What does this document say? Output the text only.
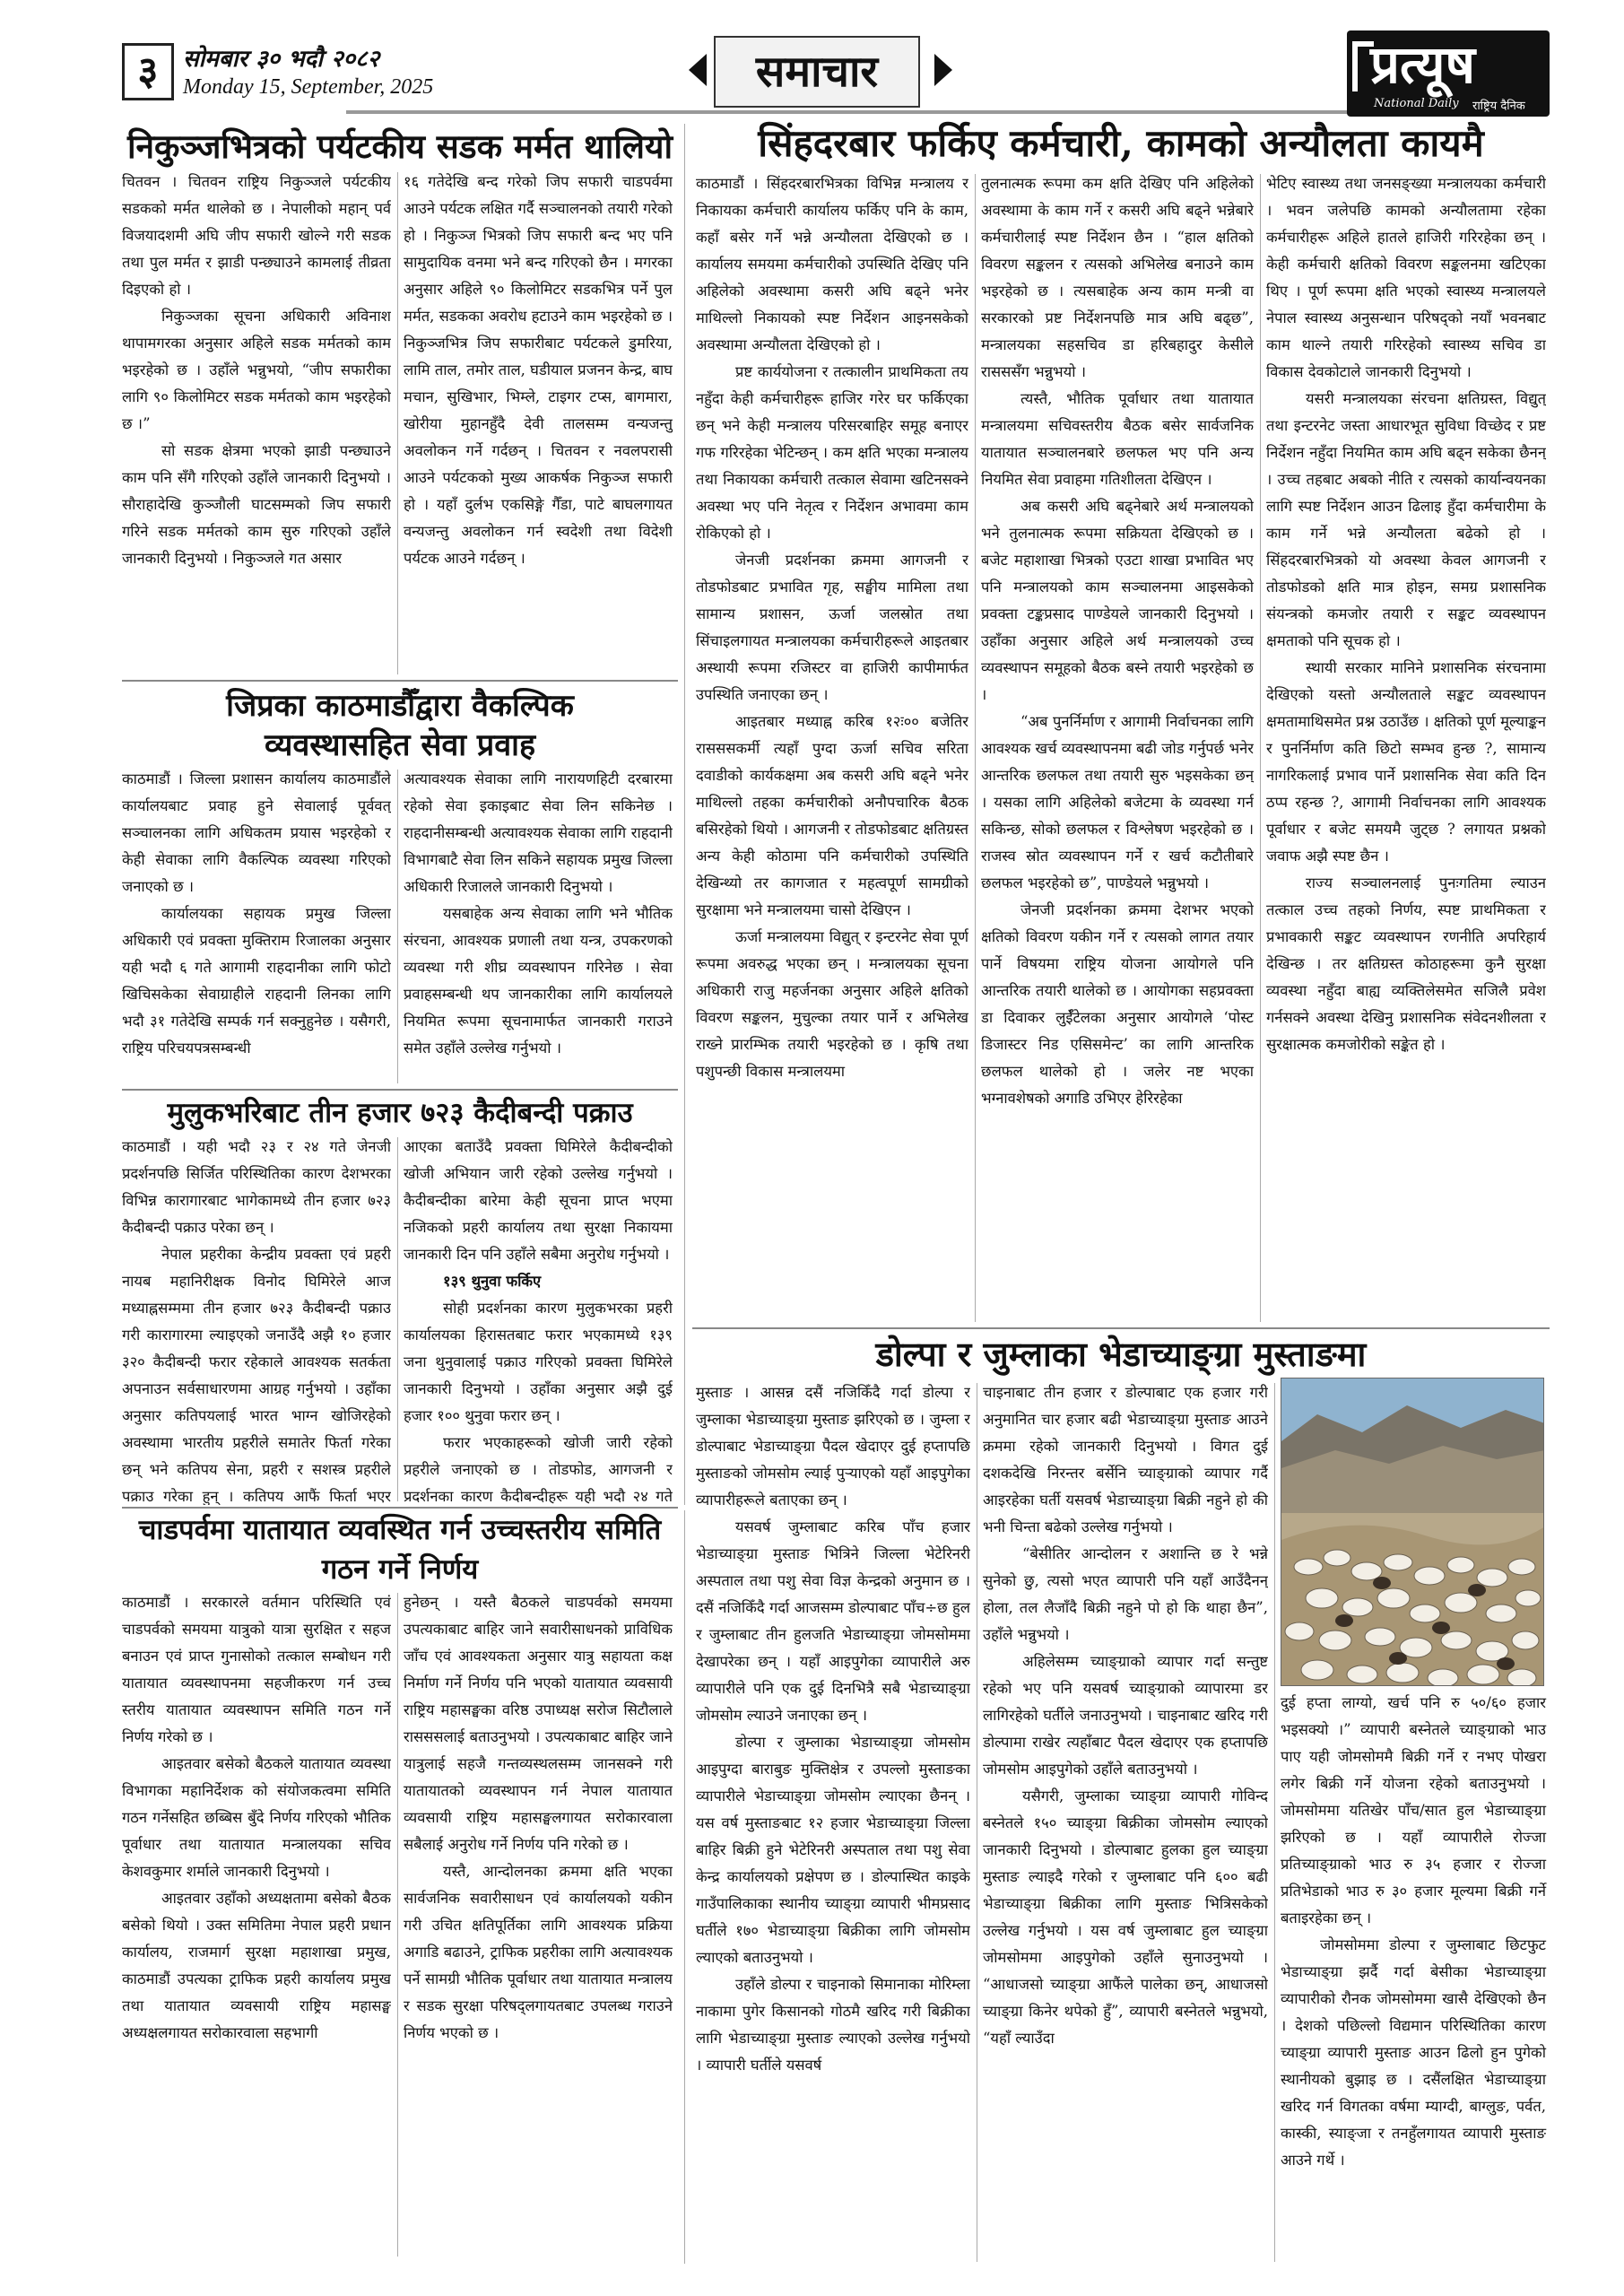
३	सोमबार ३० भदौ २०८२
Monday 15, September, 2025	समाचार	प्रत्यूष
National Daily राष्ट्रिय दैनिक
निकुञ्जभित्रको पर्यटकीय सडक मर्मत थालियो

चितवन । चितवन राष्ट्रिय निकुञ्जले पर्यटकीय सडकको मर्मत थालेको छ । नेपालीको महान् पर्व विजयादशमी अघि जीप सफारी खोल्ने गरी सडक तथा पुल मर्मत र झाडी पन्छ्याउने कामलाई तीव्रता दिइएको हो ।

निकुञ्जका सूचना अधिकारी अविनाश थापामगरका अनुसार अहिले सडक मर्मतको काम भइरहेको छ । उहाँले भन्नुभयो, “जीप सफारीका लागि ९० किलोमिटर सडक मर्मतको काम भइरहेको छ ।”

सो सडक क्षेत्रमा भएको झाडी पन्छ्याउने काम पनि सँगै गरिएको उहाँले जानकारी दिनुभयो । सौराहादेखि कुञ्जौली घाटसम्मको जिप सफारी गरिने सडक मर्मतको काम सुरु गरिएको उहाँले जानकारी दिनुभयो । निकुञ्जले गत असार

१६ गतेदेखि बन्द गरेको जिप सफारी चाडपर्वमा आउने पर्यटक लक्षित गर्दै सञ्चालनको तयारी गरेको हो । निकुञ्ज भित्रको जिप सफारी बन्द भए पनि सामुदायिक वनमा भने बन्द गरिएको छैन । मगरका अनुसार अहिले ९० किलोमिटर सडकभित्र पर्ने पुल मर्मत, सडकका अवरोध हटाउने काम भइरहेको छ । निकुञ्जभित्र जिप सफारीबाट पर्यटकले डुमरिया, लामि ताल, तमोर ताल, घडीयाल प्रजनन केन्द्र, बाघ मचान, सुखिभार, भिम्ले, टाइगर टप्स, बागमारा, खोरीया मुहानहुँदै देवी तालसम्म वन्यजन्तु अवलोकन गर्ने गर्दछन् । चितवन र नवलपरासी आउने पर्यटकको मुख्य आकर्षक निकुञ्ज सफारी हो । यहाँ दुर्लभ एकसिङ्गे गैँडा, पाटे बाघलगायत वन्यजन्तु अवलोकन गर्न स्वदेशी तथा विदेशी पर्यटक आउने गर्दछन् ।

जिप्रका काठमाडौँद्वारा वैकल्पिक
व्यवस्थासहित सेवा प्रवाह

काठमाडौं । जिल्ला प्रशासन कार्यालय काठमाडौंले कार्यालयबाट प्रवाह हुने सेवालाई पूर्ववत् सञ्चालनका लागि अधिकतम प्रयास भइरहेको र केही सेवाका लागि वैकल्पिक व्यवस्था गरिएको जनाएको छ ।

कार्यालयका सहायक प्रमुख जिल्ला अधिकारी एवं प्रवक्ता मुक्तिराम रिजालका अनुसार यही भदौ ६ गते आगामी राहदानीका लागि फोटो खिचिसकेका सेवाग्राहीले राहदानी लिनका लागि भदौ ३१ गतेदेखि सम्पर्क गर्न सक्नुहुनेछ । यसैगरी, राष्ट्रिय परिचयपत्रसम्बन्धी

अत्यावश्यक सेवाका लागि नारायणहिटी दरबारमा रहेको सेवा इकाइबाट सेवा लिन सकिनेछ । राहदानीसम्बन्धी अत्यावश्यक सेवाका लागि राहदानी विभागबाटै सेवा लिन सकिने सहायक प्रमुख जिल्ला अधिकारी रिजालले जानकारी दिनुभयो ।

यसबाहेक अन्य सेवाका लागि भने भौतिक संरचना, आवश्यक प्रणाली तथा यन्त्र, उपकरणको व्यवस्था गरी शीघ्र व्यवस्थापन गरिनेछ । सेवा प्रवाहसम्बन्धी थप जानकारीका लागि कार्यालयले नियमित रूपमा सूचनामार्फत जानकारी गराउने समेत उहाँले उल्लेख गर्नुभयो ।

मुलुकभरिबाट तीन हजार ७२३ कैदीबन्दी पक्राउ

काठमाडौं । यही भदौ २३ र २४ गते जेनजी प्रदर्शनपछि सिर्जित परिस्थितिका कारण देशभरका विभिन्न कारागारबाट भागेकामध्ये तीन हजार ७२३ कैदीबन्दी पक्राउ परेका छन् ।

नेपाल प्रहरीका केन्द्रीय प्रवक्ता एवं प्रहरी नायब महानिरीक्षक विनोद घिमिरेले आज मध्याह्नसम्ममा तीन हजार ७२३ कैदीबन्दी पक्राउ गरी कारागारमा ल्याइएको जनाउँदै अझै १० हजार ३२० कैदीबन्दी फरार रहेकाले आवश्यक सतर्कता अपनाउन सर्वसाधारणमा आग्रह गर्नुभयो । उहाँका अनुसार कतिपयलाई भारत भाग्न खोजिरहेको अवस्थामा भारतीय प्रहरीले समातेर फिर्ता गरेका छन् भने कतिपय सेना, प्रहरी र सशस्त्र प्रहरीले पक्राउ गरेका हुन् । कतिपय आफैं फिर्ता भएर

आएका बताउँदै प्रवक्ता घिमिरेले कैदीबन्दीको खोजी अभियान जारी रहेको उल्लेख गर्नुभयो । कैदीबन्दीका बारेमा केही सूचना प्राप्त भएमा नजिकको प्रहरी कार्यालय तथा सुरक्षा निकायमा जानकारी दिन पनि उहाँले सबैमा अनुरोध गर्नुभयो ।

१३९ थुनुवा फर्किए

सोही प्रदर्शनका कारण मुलुकभरका प्रहरी कार्यालयका हिरासतबाट फरार भएकामध्ये १३९ जना थुनुवालाई पक्राउ गरिएको प्रवक्ता घिमिरेले जानकारी दिनुभयो । उहाँका अनुसार अझै दुई हजार १०० थुनुवा फरार छन् ।

फरार भएकाहरूको खोजी जारी रहेको प्रहरीले जनाएको छ । तोडफोड, आगजनी र प्रदर्शनका कारण कैदीबन्दीहरू यही भदौ २४ गते

चाडपर्वमा यातायात व्यवस्थित गर्न उच्चस्तरीय समिति
गठन गर्ने निर्णय

काठमाडौं । सरकारले वर्तमान परिस्थिति एवं चाडपर्वको समयमा यात्रुको यात्रा सुरक्षित र सहज बनाउन एवं प्राप्त गुनासोको तत्काल सम्बोधन गरी यातायात व्यवस्थापनमा सहजीकरण गर्न उच्च स्तरीय यातायात व्यवस्थापन समिति गठन गर्ने निर्णय गरेको छ ।

आइतवार बसेको बैठकले यातायात व्यवस्था विभागका महानिर्देशक को संयोजकत्वमा समिति गठन गर्नेसहित छब्बिस बुँदे निर्णय गरिएको भौतिक पूर्वाधार तथा यातायात मन्त्रालयका सचिव केशवकुमार शर्माले जानकारी दिनुभयो ।

आइतवार उहाँको अध्यक्षतामा बसेको बैठक बसेको थियो । उक्त समितिमा नेपाल प्रहरी प्रधान कार्यालय, राजमार्ग सुरक्षा महाशाखा प्रमुख, काठमाडौं उपत्यका ट्राफिक प्रहरी कार्यालय प्रमुख तथा यातायात व्यवसायी राष्ट्रिय महासङ्घ अध्यक्षलगायत सरोकारवाला सहभागी

हुनेछन् । यस्तै बैठकले चाडपर्वको समयमा उपत्यकाबाट बाहिर जाने सवारीसाधनको प्राविधिक जाँच एवं आवश्यकता अनुसार यात्रु सहायता कक्ष निर्माण गर्ने निर्णय पनि भएको यातायात व्यवसायी राष्ट्रिय महासङ्घका वरिष्ठ उपाध्यक्ष सरोज सिटौलाले रासससलाई बताउनुभयो । उपत्यकाबाट बाहिर जाने यात्रुलाई सहजै गन्तव्यस्थलसम्म जानसक्ने गरी यातायातको व्यवस्थापन गर्न नेपाल यातायात व्यवसायी राष्ट्रिय महासङ्घलगायत सरोकारवाला सबैलाई अनुरोध गर्ने निर्णय पनि गरेको छ ।

यस्तै, आन्दोलनका क्रममा क्षति भएका सार्वजनिक सवारीसाधन एवं कार्यालयको यकीन गरी उचित क्षतिपूर्तिका लागि आवश्यक प्रक्रिया अगाडि बढाउने, ट्राफिक प्रहरीका लागि अत्यावश्यक पर्ने सामग्री भौतिक पूर्वाधार तथा यातायात मन्त्रालय र सडक सुरक्षा परिषद्‌लगायतबाट उपलब्ध गराउने निर्णय भएको छ ।

सिंहदरबार फर्किए कर्मचारी, कामको अन्यौलता कायमै

काठमाडौं । सिंहदरबारभित्रका विभिन्न मन्त्रालय र निकायका कर्मचारी कार्यालय फर्किए पनि के काम, कहाँ बसेर गर्ने भन्ने अन्यौलता देखिएको छ । कार्यालय समयमा कर्मचारीको उपस्थिति देखिए पनि अहिलेको अवस्थामा कसरी अघि बढ्ने भनेर माथिल्लो निकायको स्पष्ट निर्देशन आइनसकेको अवस्थामा अन्यौलता देखिएको हो ।

प्रष्ट कार्ययोजना र तत्कालीन प्राथमिकता तय नहुँदा केही कर्मचारीहरू हाजिर गरेर घर फर्किएका छन् भने केही मन्त्रालय परिसरबाहिर समूह बनाएर गफ गरिरहेका भेटिन्छन् । कम क्षति भएका मन्त्रालय तथा निकायका कर्मचारी तत्काल सेवामा खटिनसक्ने अवस्था भए पनि नेतृत्व र निर्देशन अभावमा काम रोकिएको हो ।

जेनजी प्रदर्शनका क्रममा आगजनी र तोडफोडबाट प्रभावित गृह, सङ्घीय मामिला तथा सामान्य प्रशासन, ऊर्जा जलस्रोत तथा सिंचाइलगायत मन्त्रालयका कर्मचारीहरूले आइतबार अस्थायी रूपमा रजिस्टर वा हाजिरी कापीमार्फत उपस्थिति जनाएका छन् ।

आइतबार मध्याह्न करिब १२ः०० बजेतिर रासससकर्मी त्यहाँ पुग्दा ऊर्जा सचिव सरिता दवाडीको कार्यकक्षमा अब कसरी अघि बढ्ने भनेर माथिल्लो तहका कर्मचारीको अनौपचारिक बैठक बसिरहेको थियो । आगजनी र तोडफोडबाट क्षतिग्रस्त अन्य केही कोठामा पनि कर्मचारीको उपस्थिति देखिन्थ्यो तर कागजात र महत्वपूर्ण सामग्रीको सुरक्षामा भने मन्त्रालयमा चासो देखिएन ।

ऊर्जा मन्त्रालयमा विद्युत् र इन्टरनेट सेवा पूर्ण रूपमा अवरुद्ध भएका छन् । मन्त्रालयका सूचना अधिकारी राजु महर्जनका अनुसार अहिले क्षतिको विवरण सङ्कलन, मुचुल्का तयार पार्ने र अभिलेख राख्ने प्रारम्भिक तयारी भइरहेको छ । कृषि तथा पशुपन्छी विकास मन्त्रालयमा

तुलनात्मक रूपमा कम क्षति देखिए पनि अहिलेको अवस्थामा के काम गर्ने र कसरी अघि बढ्ने भन्नेबारे कर्मचारीलाई स्पष्ट निर्देशन छैन । “हाल क्षतिको विवरण सङ्कलन र त्यसको अभिलेख बनाउने काम भइरहेको छ । त्यसबाहेक अन्य काम मन्त्री वा सरकारको प्रष्ट निर्देशनपछि मात्र अघि बढ्छ”, मन्त्रालयका सहसचिव डा हरिबहादुर केसीले रासससँग भन्नुभयो ।

त्यस्तै, भौतिक पूर्वाधार तथा यातायात मन्त्रालयमा सचिवस्तरीय बैठक बसेर सार्वजनिक यातायात सञ्चालनबारे छलफल भए पनि अन्य नियमित सेवा प्रवाहमा गतिशीलता देखिएन ।

अब कसरी अघि बढ्नेबारे अर्थ मन्त्रालयको भने तुलनात्मक रूपमा सक्रियता देखिएको छ । बजेट महाशाखा भित्रको एउटा शाखा प्रभावित भए पनि मन्त्रालयको काम सञ्चालनमा आइसकेको प्रवक्ता टङ्कप्रसाद पाण्डेयले जानकारी दिनुभयो । उहाँका अनुसार अहिले अर्थ मन्त्रालयको उच्च व्यवस्थापन समूहको बैठक बस्ने तयारी भइरहेको छ ।

“अब पुनर्निर्माण र आगामी निर्वाचनका लागि आवश्यक खर्च व्यवस्थापनमा बढी जोड गर्नुपर्छ भनेर आन्तरिक छलफल तथा तयारी सुरु भइसकेका छन् । यसका लागि अहिलेको बजेटमा के व्यवस्था गर्न सकिन्छ, सोको छलफल र विश्लेषण भइरहेको छ । राजस्व स्रोत व्यवस्थापन गर्ने र खर्च कटौतीबारे छलफल भइरहेको छ”, पाण्डेयले भन्नुभयो ।

जेनजी प्रदर्शनका क्रममा देशभर भएको क्षतिको विवरण यकीन गर्ने र त्यसको लागत तयार पार्ने विषयमा राष्ट्रिय योजना आयोगले पनि आन्तरिक तयारी थालेको छ । आयोगका सहप्रवक्ता डा दिवाकर लुईँटेलका अनुसार आयोगले ‘पोस्ट डिजास्टर निड एसिसमेन्ट’ का लागि आन्तरिक छलफल थालेको हो । जलेर नष्ट भएका भग्नावशेषको अगाडि उभिएर हेरिरहेका

भेटिए स्वास्थ्य तथा जनसङ्ख्या मन्त्रालयका कर्मचारी । भवन जलेपछि कामको अन्यौलतामा रहेका कर्मचारीहरू अहिले हातले हाजिरी गरिरहेका छन् । केही कर्मचारी क्षतिको विवरण सङ्कलनमा खटिएका थिए । पूर्ण रूपमा क्षति भएको स्वास्थ्य मन्त्रालयले नेपाल स्वास्थ्य अनुसन्धान परिषद्को नयाँ भवनबाट काम थाल्ने तयारी गरिरहेको स्वास्थ्य सचिव डा विकास देवकोटाले जानकारी दिनुभयो ।

यसरी मन्त्रालयका संरचना क्षतिग्रस्त, विद्युत् तथा इन्टरनेट जस्ता आधारभूत सुविधा विच्छेद र प्रष्ट निर्देशन नहुँदा नियमित काम अघि बढ्न सकेका छैनन् । उच्च तहबाट अबको नीति र त्यसको कार्यान्वयनका लागि स्पष्ट निर्देशन आउन ढिलाइ हुँदा कर्मचारीमा के काम गर्ने भन्ने अन्यौलता बढेको हो । सिंहदरबारभित्रको यो अवस्था केवल आगजनी र तोडफोडको क्षति मात्र होइन, समग्र प्रशासनिक संयन्त्रको कमजोर तयारी र सङ्कट व्यवस्थापन क्षमताको पनि सूचक हो ।

स्थायी सरकार मानिने प्रशासनिक संरचनामा देखिएको यस्तो अन्यौलताले सङ्कट व्यवस्थापन क्षमतामाथिसमेत प्रश्न उठाउँछ । क्षतिको पूर्ण मूल्याङ्कन र पुनर्निर्माण कति छिटो सम्भव हुन्छ ?, सामान्य नागरिकलाई प्रभाव पार्ने प्रशासनिक सेवा कति दिन ठप्प रहन्छ ?, आगामी निर्वाचनका लागि आवश्यक पूर्वाधार र बजेट समयमै जुट्छ ? लगायत प्रश्नको जवाफ अझै स्पष्ट छैन ।

राज्य सञ्चालनलाई पुनःगतिमा ल्याउन तत्काल उच्च तहको निर्णय, स्पष्ट प्राथमिकता र प्रभावकारी सङ्कट व्यवस्थापन रणनीति अपरिहार्य देखिन्छ । तर क्षतिग्रस्त कोठाहरूमा कुनै सुरक्षा व्यवस्था नहुँदा बाह्य व्यक्तिलेसमेत सजिलै प्रवेश गर्नसक्ने अवस्था देखिनु प्रशासनिक संवेदनशीलता र सुरक्षात्मक कमजोरीको सङ्केत हो ।

डोल्पा र जुम्लाका भेडाच्याङ्ग्रा मुस्ताङमा

मुस्ताङ । आसन्न दसैं नजिकिँदै गर्दा डोल्पा र जुम्लाका भेडाच्याङ्ग्रा मुस्ताङ झरिएको छ । जुम्ला र डोल्पाबाट भेडाच्याङ्ग्रा पैदल खेदाएर दुई हप्तापछि मुस्ताङको जोमसोम ल्याई पुऱ्याएको यहाँ आइपुगेका व्यापारीहरूले बताएका छन् ।

यसवर्ष जुम्लाबाट करिब पाँच हजार भेडाच्याङ्ग्रा मुस्ताङ भित्रिने जिल्ला भेटेरिनरी अस्पताल तथा पशु सेवा विज्ञ केन्द्रको अनुमान छ । दसैं नजिकिँदै गर्दा आजसम्म डोल्पाबाट पाँच÷छ हुल र जुम्लाबाट तीन हुलजति भेडाच्याङ्ग्रा जोमसोममा देखापरेका छन् । यहाँ आइपुगेका व्यापारीले अरु व्यापारीले पनि एक दुई दिनभित्रै सबै भेडाच्याङ्ग्रा जोमसोम ल्याउने जनाएका छन् ।

डोल्पा र जुम्लाका भेडाच्याङ्ग्रा जोमसोम आइपुग्दा बाराबुङ मुक्तिक्षेत्र र उपल्लो मुस्ताङका व्यापारीले भेडाच्याङ्ग्रा जोमसोम ल्याएका छैनन् । यस वर्ष मुस्ताङबाट १२ हजार भेडाच्याङ्ग्रा जिल्ला बाहिर बिक्री हुने भेटेरिनरी अस्पताल तथा पशु सेवा केन्द्र कार्यालयको प्रक्षेपण छ । डोल्पास्थित काइके गाउँपालिकाका स्थानीय च्याङ्ग्रा व्यापारी भीमप्रसाद घर्तीले १७० भेडाच्याङ्ग्रा बिक्रीका लागि जोमसोम ल्याएको बताउनुभयो ।

उहाँले डोल्पा र चाइनाको सिमानाका मोरिम्ला नाकामा पुगेर किसानको गोठमै खरिद गरी बिक्रीका लागि भेडाच्याङ्ग्रा मुस्ताङ ल्याएको उल्लेख गर्नुभयो । व्यापारी घर्तीले यसवर्ष

चाइनाबाट तीन हजार र डोल्पाबाट एक हजार गरी अनुमानित चार हजार बढी भेडाच्याङ्ग्रा मुस्ताङ आउने क्रममा रहेको जानकारी दिनुभयो । विगत दुई दशकदेखि निरन्तर बर्सेनि च्याङ्ग्राको व्यापार गर्दै आइरहेका घर्ती यसवर्ष भेडाच्याङ्ग्रा बिक्री नहुने हो की भनी चिन्ता बढेको उल्लेख गर्नुभयो ।

“बेसीतिर आन्दोलन र अशान्ति छ रे भन्ने सुनेको छु, त्यसो भएत व्यापारी पनि यहाँ आउँदैनन् होला, तल लैजाँदै बिक्री नहुने पो हो कि थाहा छैन”, उहाँले भन्नुभयो ।

अहिलेसम्म च्याङ्ग्राको व्यापार गर्दा सन्तुष्ट रहेको भए पनि यसवर्ष च्याङ्ग्राको व्यापारमा डर लागिरहेको घर्तीले जनाउनुभयो । चाइनाबाट खरिद गरी डोल्पामा राखेर त्यहाँबाट पैदल खेदाएर एक हप्तापछि जोमसोम आइपुगेको उहाँले बताउनुभयो ।

यसैगरी, जुम्लाका च्याङ्ग्रा व्यापारी गोविन्द बस्नेतले १५० च्याङ्ग्रा बिक्रीका जोमसोम ल्याएको जानकारी दिनुभयो । डोल्पाबाट हुलका हुल च्याङ्ग्रा मुस्ताङ ल्याइदै गरेको र जुम्लाबाट पनि ६०० बढी भेडाच्याङ्ग्रा बिक्रीका लागि मुस्ताङ भित्रिसकेको उल्लेख गर्नुभयो । यस वर्ष जुम्लाबाट हुल च्याङ्ग्रा जोमसोममा आइपुगेको उहाँले सुनाउनुभयो । “आधाजसो च्याङ्ग्रा आफैंले पालेका छन्, आधाजसो च्याङ्ग्रा किनेर थपेको हुँ”, व्यापारी बस्नेतले भन्नुभयो, “यहाँ ल्याउँदा

दुई हप्ता लाग्यो, खर्च पनि रु ५०/६० हजार भइसक्यो ।” व्यापारी बस्नेतले च्याङ्ग्राको भाउ पाए यही जोमसोममै बिक्री गर्ने र नभए पोखरा लगेर बिक्री गर्ने योजना रहेको बताउनुभयो । जोमसोममा यतिखेर पाँच/सात हुल भेडाच्याङ्ग्रा झरिएको छ । यहाँ व्यापारीले रोज्जा प्रतिच्याङ्ग्राको भाउ रु ३५ हजार र रोज्जा प्रतिभेडाको भाउ रु ३० हजार मूल्यमा बिक्री गर्ने बताइरहेका छन् ।

जोमसोममा डोल्पा र जुम्लाबाट छिटफुट भेडाच्याङ्ग्रा झर्दै गर्दा बेसीका भेडाच्याङ्ग्रा व्यापारीको रौनक जोमसोममा खासै देखिएको छैन । देशको पछिल्लो विद्यमान परिस्थितिका कारण च्याङ्ग्रा व्यापारी मुस्ताङ आउन ढिलो हुन पुगेको स्थानीयको बुझाइ छ । दसैंलक्षित भेडाच्याङ्ग्रा खरिद गर्न विगतका वर्षमा म्याग्दी, बाग्लुङ, पर्वत, कास्की, स्याङ्जा र तनहुँलगायत व्यापारी मुस्ताङ आउने गर्थे ।
